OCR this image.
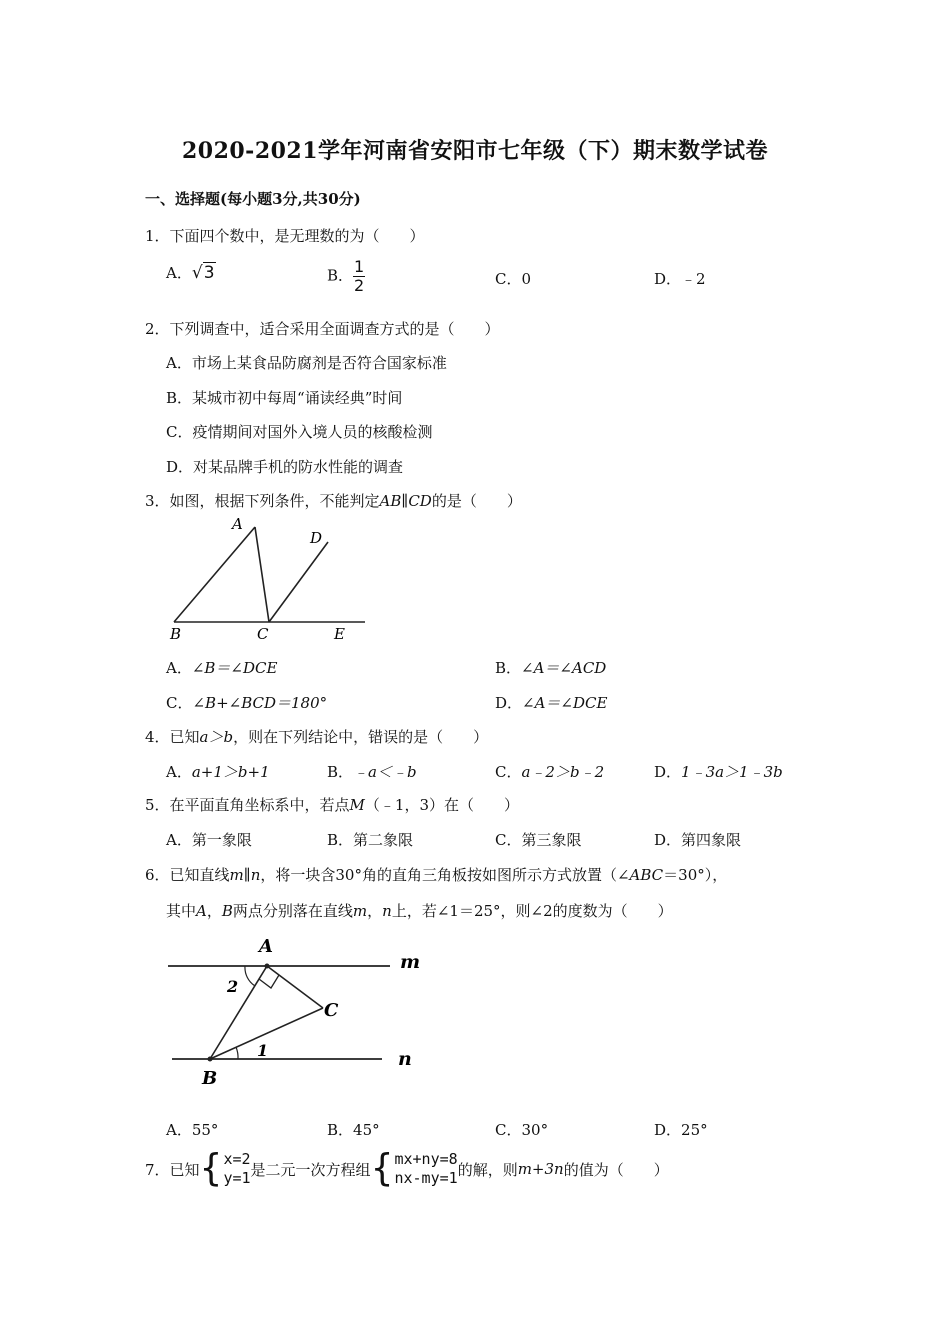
2020-2021学年河南省安阳市七年级（下）期末数学试卷
一、选择题(每小题3分,共30分)
1．下面四个数中，是无理数的为（　　）
A．√3	B． $\frac{1}{2}$	C．0	D．﹣2
2．下列调查中，适合采用全面调查方式的是（　　）
A．市场上某食品防腐剂是否符合国家标准
B．某城市初中每周“诵读经典”时间
C．疫情期间对国外入境人员的核酸检测
D．对某品牌手机的防水性能的调查
3．如图，根据下列条件，不能判定AB∥CD的是（　　）
A
D
B	C	E
A．∠B＝∠DCE	B．∠A＝∠ACD
C．∠B+∠BCD＝180°	D．∠A＝∠DCE
4．已知a＞b，则在下列结论中，错误的是（　　）
A．a+1＞b+1	B．﹣a＜﹣b	C．a﹣2＞b﹣2	D．1﹣3a＞1﹣3b
5．在平面直角坐标系中，若点M（﹣1，3）在（　　）
A．第一象限	B．第二象限	C．第三象限	D．第四象限
6．已知直线m∥n，将一块含30°角的直角三角板按如图所示方式放置（∠ABC＝30°），
其中A，B两点分别落在直线m，n上，若∠1＝25°，则∠2的度数为（　　）
A
C
B
m
n
2
1
A．55°	B．45°	C．30°	D．25°
7．已知 { x=2
y=1 是二元一次方程组 { mx+ny=8
nx-my=1 的解，则 m+3n 的值为（　　）
